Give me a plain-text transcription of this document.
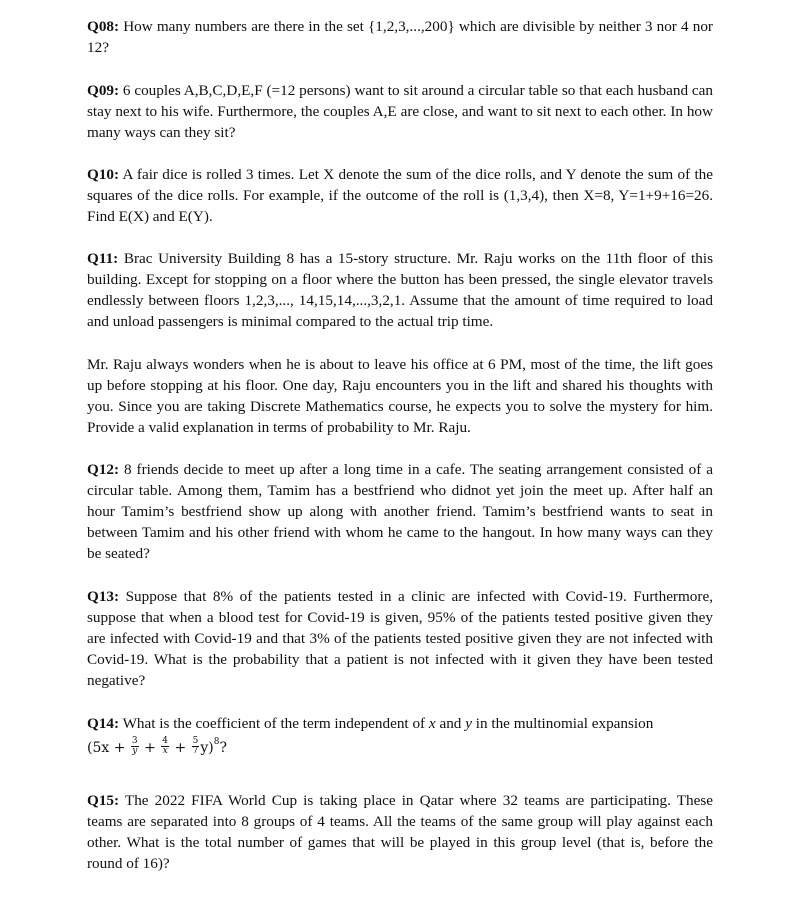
Q08: How many numbers are there in the set {1,2,3,...,200} which are divisible by neither 3 nor 4 nor 12?

Q09: 6 couples A,B,C,D,E,F (=12 persons) want to sit around a circular table so that each husband can stay next to his wife. Furthermore, the couples A,E are close, and want to sit next to each other. In how many ways can they sit?

Q10: A fair dice is rolled 3 times. Let X denote the sum of the dice rolls, and Y denote the sum of the squares of the dice rolls. For example, if the outcome of the roll is (1,3,4), then X=8, Y=1+9+16=26. Find E(X) and E(Y).

Q11: Brac University Building 8 has a 15-story structure. Mr. Raju works on the 11th floor of this building. Except for stopping on a floor where the button has been pressed, the single elevator travels endlessly between floors 1,2,3,..., 14,15,14,...,3,2,1. Assume that the amount of time required to load and unload passengers is minimal compared to the actual trip time.

Mr. Raju always wonders when he is about to leave his office at 6 PM, most of the time, the lift goes up before stopping at his floor. One day, Raju encounters you in the lift and shared his thoughts with you. Since you are taking Discrete Mathematics course, he expects you to solve the mystery for him. Provide a valid explanation in terms of probability to Mr. Raju.

Q12: 8 friends decide to meet up after a long time in a cafe. The seating arrangement consisted of a circular table. Among them, Tamim has a bestfriend who didnot yet join the meet up. After half an hour Tamim’s bestfriend show up along with another friend. Tamim’s bestfriend wants to seat in between Tamim and his other friend with whom he came to the hangout. In how many ways can they be seated?

Q13: Suppose that 8% of the patients tested in a clinic are infected with Covid-19. Furthermore, suppose that when a blood test for Covid-19 is given, 95% of the patients tested positive given they are infected with Covid-19 and that 3% of the patients tested positive given they are not infected with Covid-19. What is the probability that a patient is not infected with it given they have been tested negative?

Q14: What is the coefficient of the term independent of x and y in the multinomial expansion
$(5x + \frac{3}{y} + \frac{4}{x} + \frac{5}{7} y)^8$?

Q15: The 2022 FIFA World Cup is taking place in Qatar where 32 teams are participating. These teams are separated into 8 groups of 4 teams. All the teams of the same group will play against each other. What is the total number of games that will be played in this group level (that is, before the round of 16)?
